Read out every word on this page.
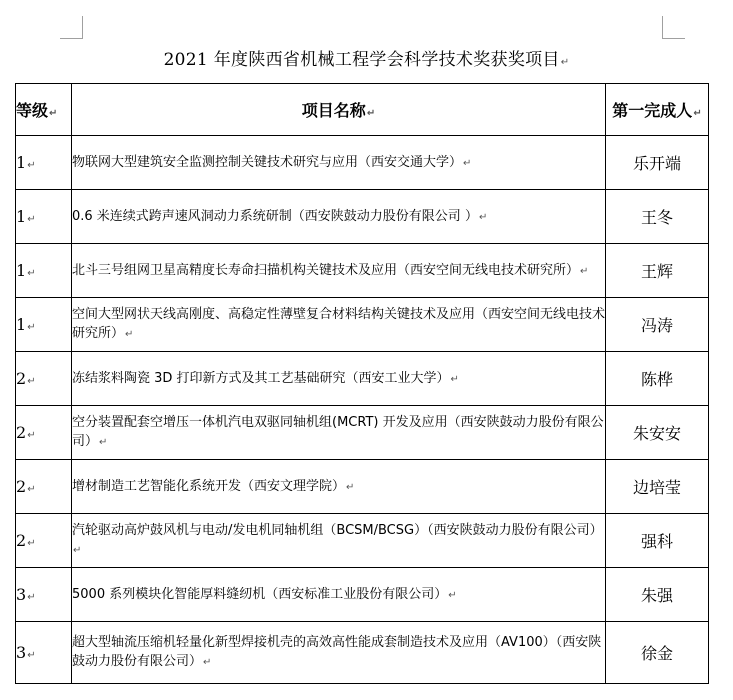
2021 年度陕西省机械工程学会科学技术奖获奖项目↵
等级↵	项目名称↵	第一完成人↵
1↵	物联网大型建筑安全监测控制关键技术研究与应用（西安交通大学）↵	乐开端
1↵	0.6 米连续式跨声速风洞动力系统研制（西安陕鼓动力股份有限公司 ）↵	王冬
1↵	北斗三号组网卫星高精度长寿命扫描机构关键技术及应用（西安空间无线电技术研究所）↵	王辉
1↵	空间大型网状天线高刚度、高稳定性薄壁复合材料结构关键技术及应用（西安空间无线电技术研究所）↵	冯涛
2↵	冻结浆料陶瓷 3D 打印新方式及其工艺基础研究（西安工业大学）↵	陈桦
2↵	空分装置配套空增压一体机汽电双驱同轴机组(MCRT) 开发及应用（西安陕鼓动力股份有限公司）↵	朱安安
2↵	增材制造工艺智能化系统开发（西安文理学院）↵	边培莹
2↵	汽轮驱动高炉鼓风机与电动/发电机同轴机组（BCSM/BCSG）（西安陕鼓动力股份有限公司）↵	强科
3↵	5000 系列模块化智能厚料缝纫机（西安标准工业股份有限公司）↵	朱强
3↵	超大型轴流压缩机轻量化新型焊接机壳的高效高性能成套制造技术及应用（AV100）（西安陕鼓动力股份有限公司）↵	徐金
